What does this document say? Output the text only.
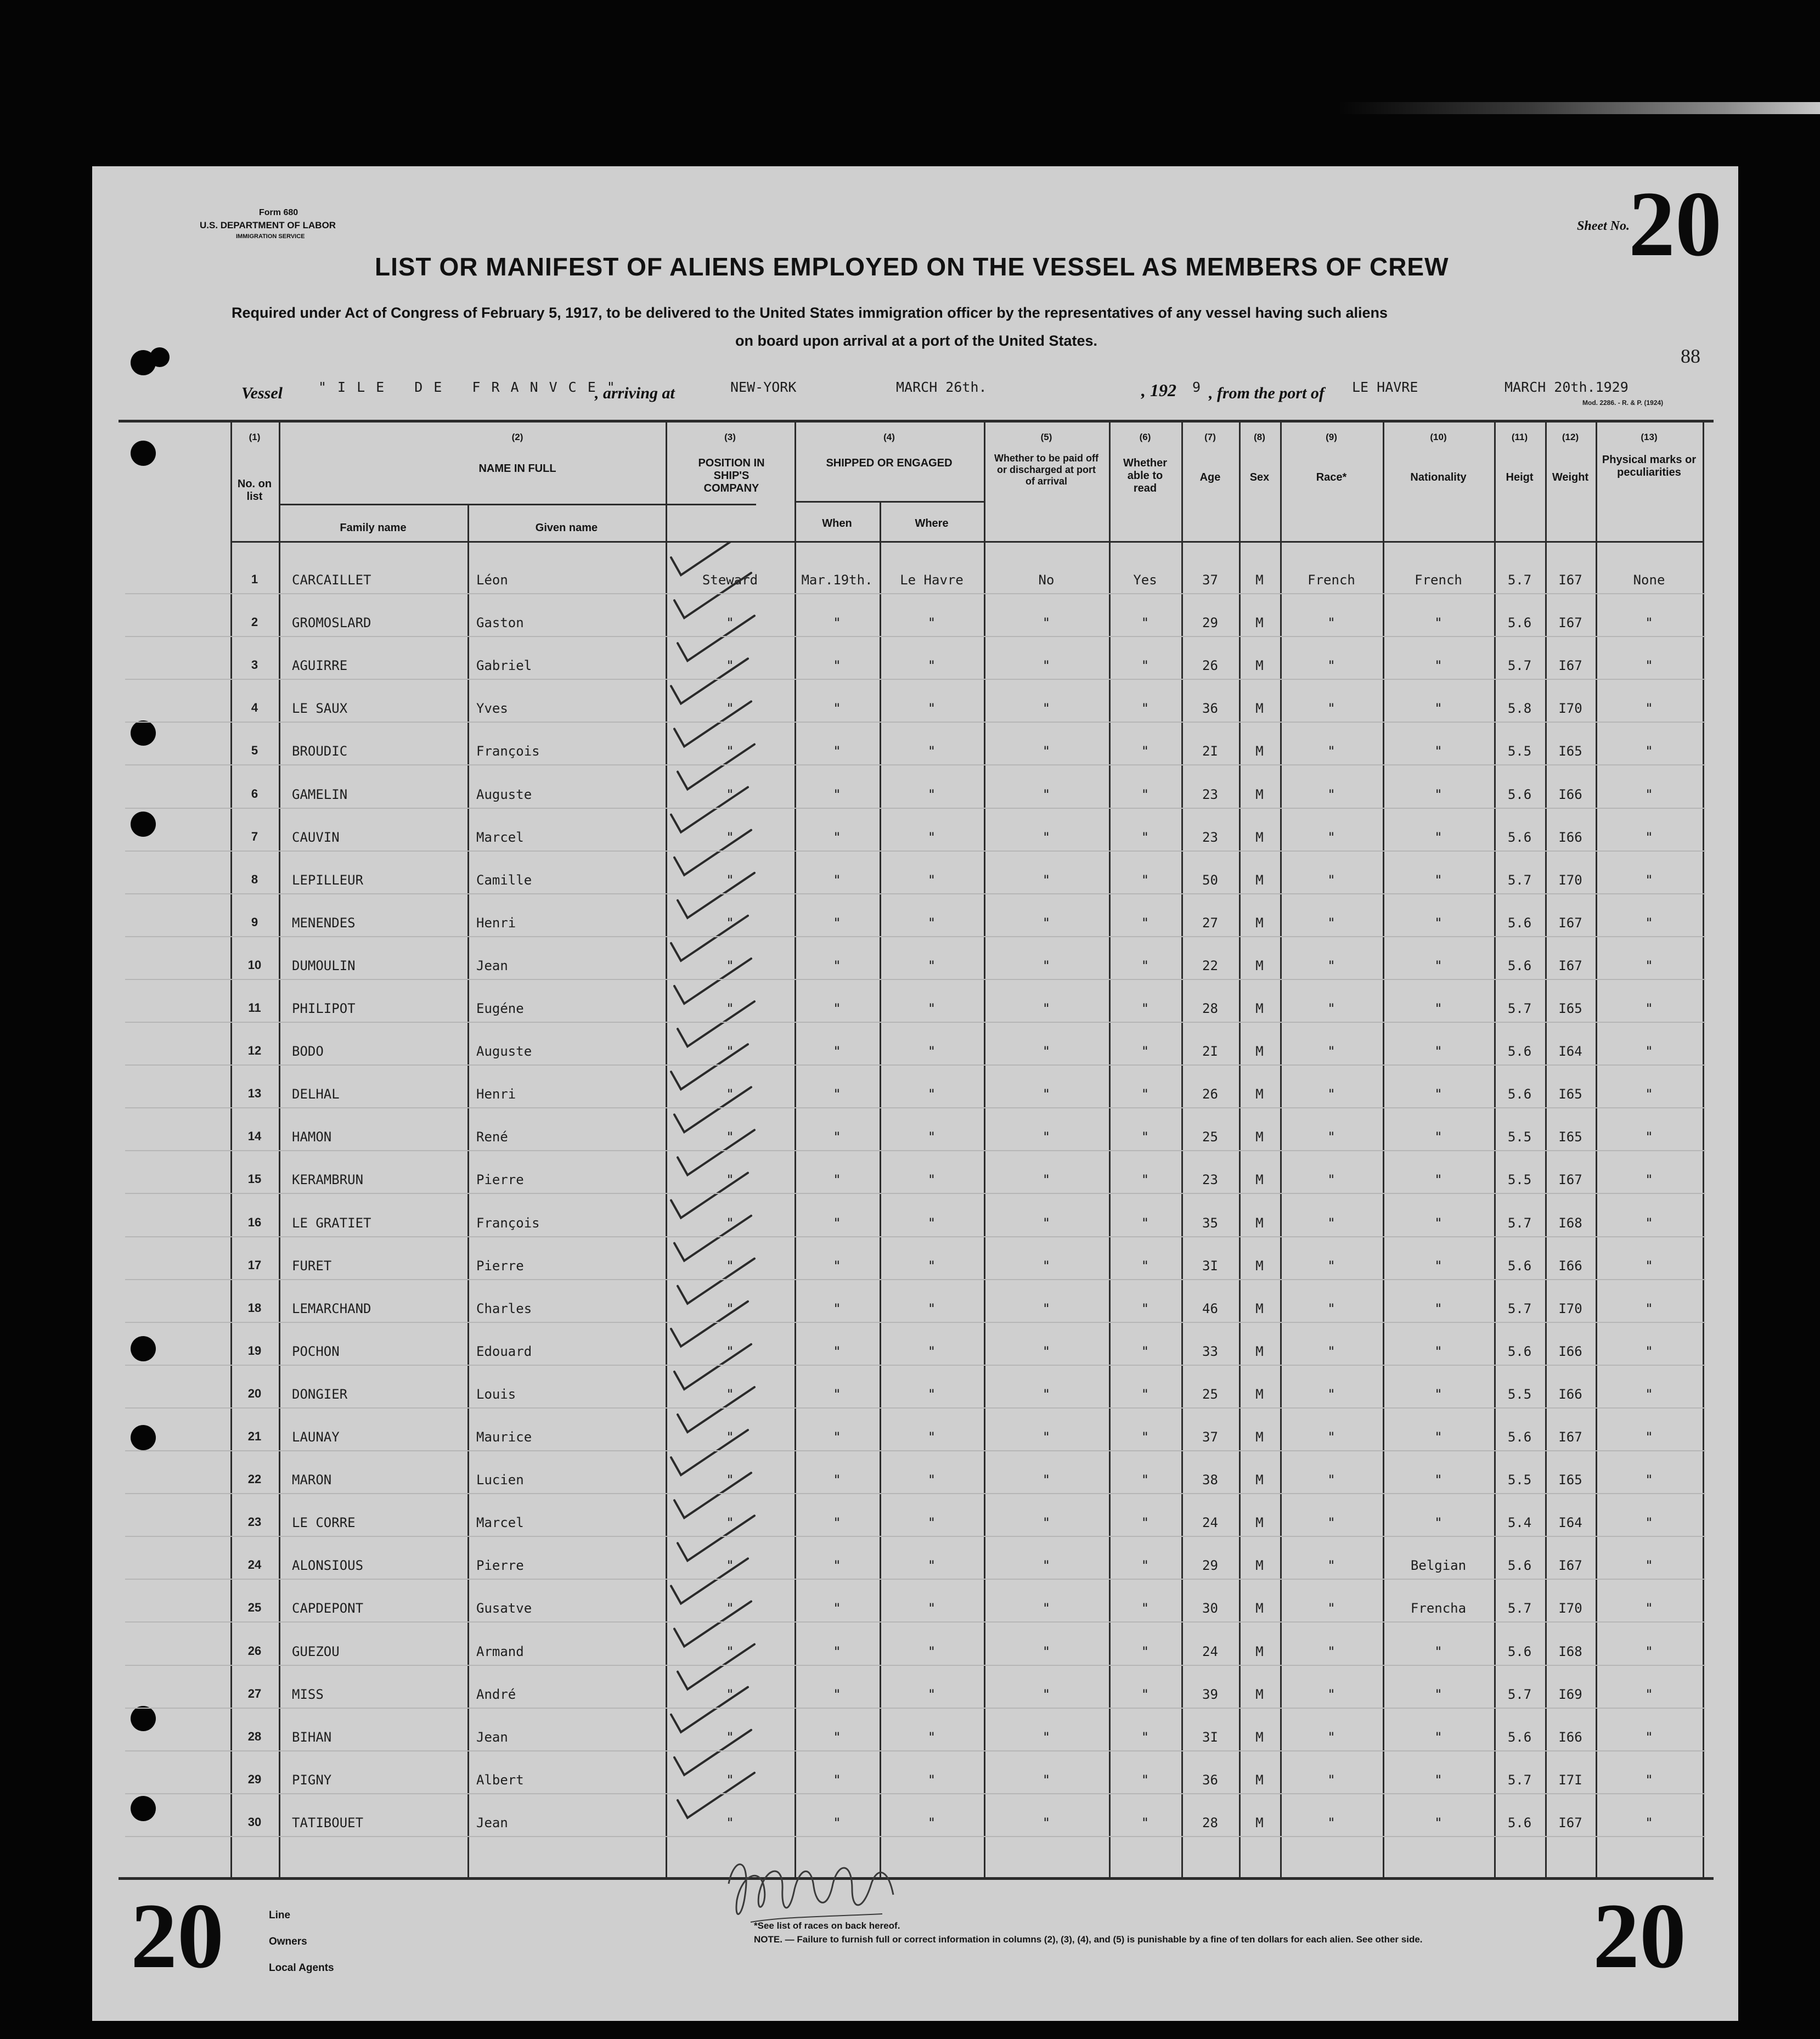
Form 680
U.S. DEPARTMENT OF LABOR
IMMIGRATION SERVICE
Sheet No.
20
LIST OR MANIFEST OF ALIENS EMPLOYED ON THE VESSEL AS MEMBERS OF CREW
Required under Act of Congress of February 5, 1917, to be delivered to the United States immigration officer by the representatives of any vessel having such aliens
on board upon arrival at a port of the United States.
88
Vessel	"ILE DE FRANVCE"
, arriving at	NEW-YORK	MARCH 26th.	, 192 9 , from the port of LE HAVRE	MARCH 20th.1929
Mod. 2286. - R. & P. (1924)
(1)
No. on list
(2)
NAME IN FULL
Family name	Given name
(3)
POSITION IN SHIP'S COMPANY
(4)
SHIPPED OR ENGAGED
When	Where
(5)
Whether to be paid off or discharged at port of arrival
(6)
Whether able to read
(7)
Age
(8)
Sex
(9)
Race*
(10)
Nationality
(11)
Heigt
(12)
Weight
(13)
Physical marks or peculiarities
1	CARCAILLET	Léon	Steward	Mar.19th.	Le Havre	No	Yes	37	M	French	French	5.7	I67	None
2	GROMOSLARD	Gaston	"	"	"	"	"	29	M	"	"	5.6	I67	"
3	AGUIRRE	Gabriel	"	"	"	"	"	26	M	"	"	5.7	I67	"
4	LE SAUX	Yves	"	"	"	"	"	36	M	"	"	5.8	I70	"
5	BROUDIC	François	"	"	"	"	"	2I	M	"	"	5.5	I65	"
6	GAMELIN	Auguste	"	"	"	"	"	23	M	"	"	5.6	I66	"
7	CAUVIN	Marcel	"	"	"	"	"	23	M	"	"	5.6	I66	"
8	LEPILLEUR	Camille	"	"	"	"	"	50	M	"	"	5.7	I70	"
9	MENENDES	Henri	"	"	"	"	"	27	M	"	"	5.6	I67	"
10	DUMOULIN	Jean	"	"	"	"	"	22	M	"	"	5.6	I67	"
11	PHILIPOT	Eugéne	"	"	"	"	"	28	M	"	"	5.7	I65	"
12	BODO	Auguste	"	"	"	"	"	2I	M	"	"	5.6	I64	"
13	DELHAL	Henri	"	"	"	"	"	26	M	"	"	5.6	I65	"
14	HAMON	René	"	"	"	"	"	25	M	"	"	5.5	I65	"
15	KERAMBRUN	Pierre	"	"	"	"	"	23	M	"	"	5.5	I67	"
16	LE GRATIET	François	"	"	"	"	"	35	M	"	"	5.7	I68	"
17	FURET	Pierre	"	"	"	"	"	3I	M	"	"	5.6	I66	"
18	LEMARCHAND	Charles	"	"	"	"	"	46	M	"	"	5.7	I70	"
19	POCHON	Edouard	"	"	"	"	"	33	M	"	"	5.6	I66	"
20	DONGIER	Louis	"	"	"	"	"	25	M	"	"	5.5	I66	"
21	LAUNAY	Maurice	"	"	"	"	"	37	M	"	"	5.6	I67	"
22	MARON	Lucien	"	"	"	"	"	38	M	"	"	5.5	I65	"
23	LE CORRE	Marcel	"	"	"	"	"	24	M	"	"	5.4	I64	"
24	ALONSIOUS	Pierre	"	"	"	"	"	29	M	"	Belgian	5.6	I67	"
25	CAPDEPONT	Gusatve	"	"	"	"	"	30	M	"	Frencha	5.7	I70	"
26	GUEZOU	Armand	"	"	"	"	"	24	M	"	"	5.6	I68	"
27	MISS	André	"	"	"	"	"	39	M	"	"	5.7	I69	"
28	BIHAN	Jean	"	"	"	"	"	3I	M	"	"	5.6	I66	"
29	PIGNY	Albert	"	"	"	"	"	36	M	"	"	5.7	I7I	"
30	TATIBOUET	Jean	"	"	"	"	"	28	M	"	"	5.6	I67	"
20	20
Line
Owners
Local Agents
*See list of races on back hereof.
NOTE. — Failure to furnish full or correct information in columns (2), (3), (4), and (5) is punishable by a fine of ten dollars for each alien. See other side.
